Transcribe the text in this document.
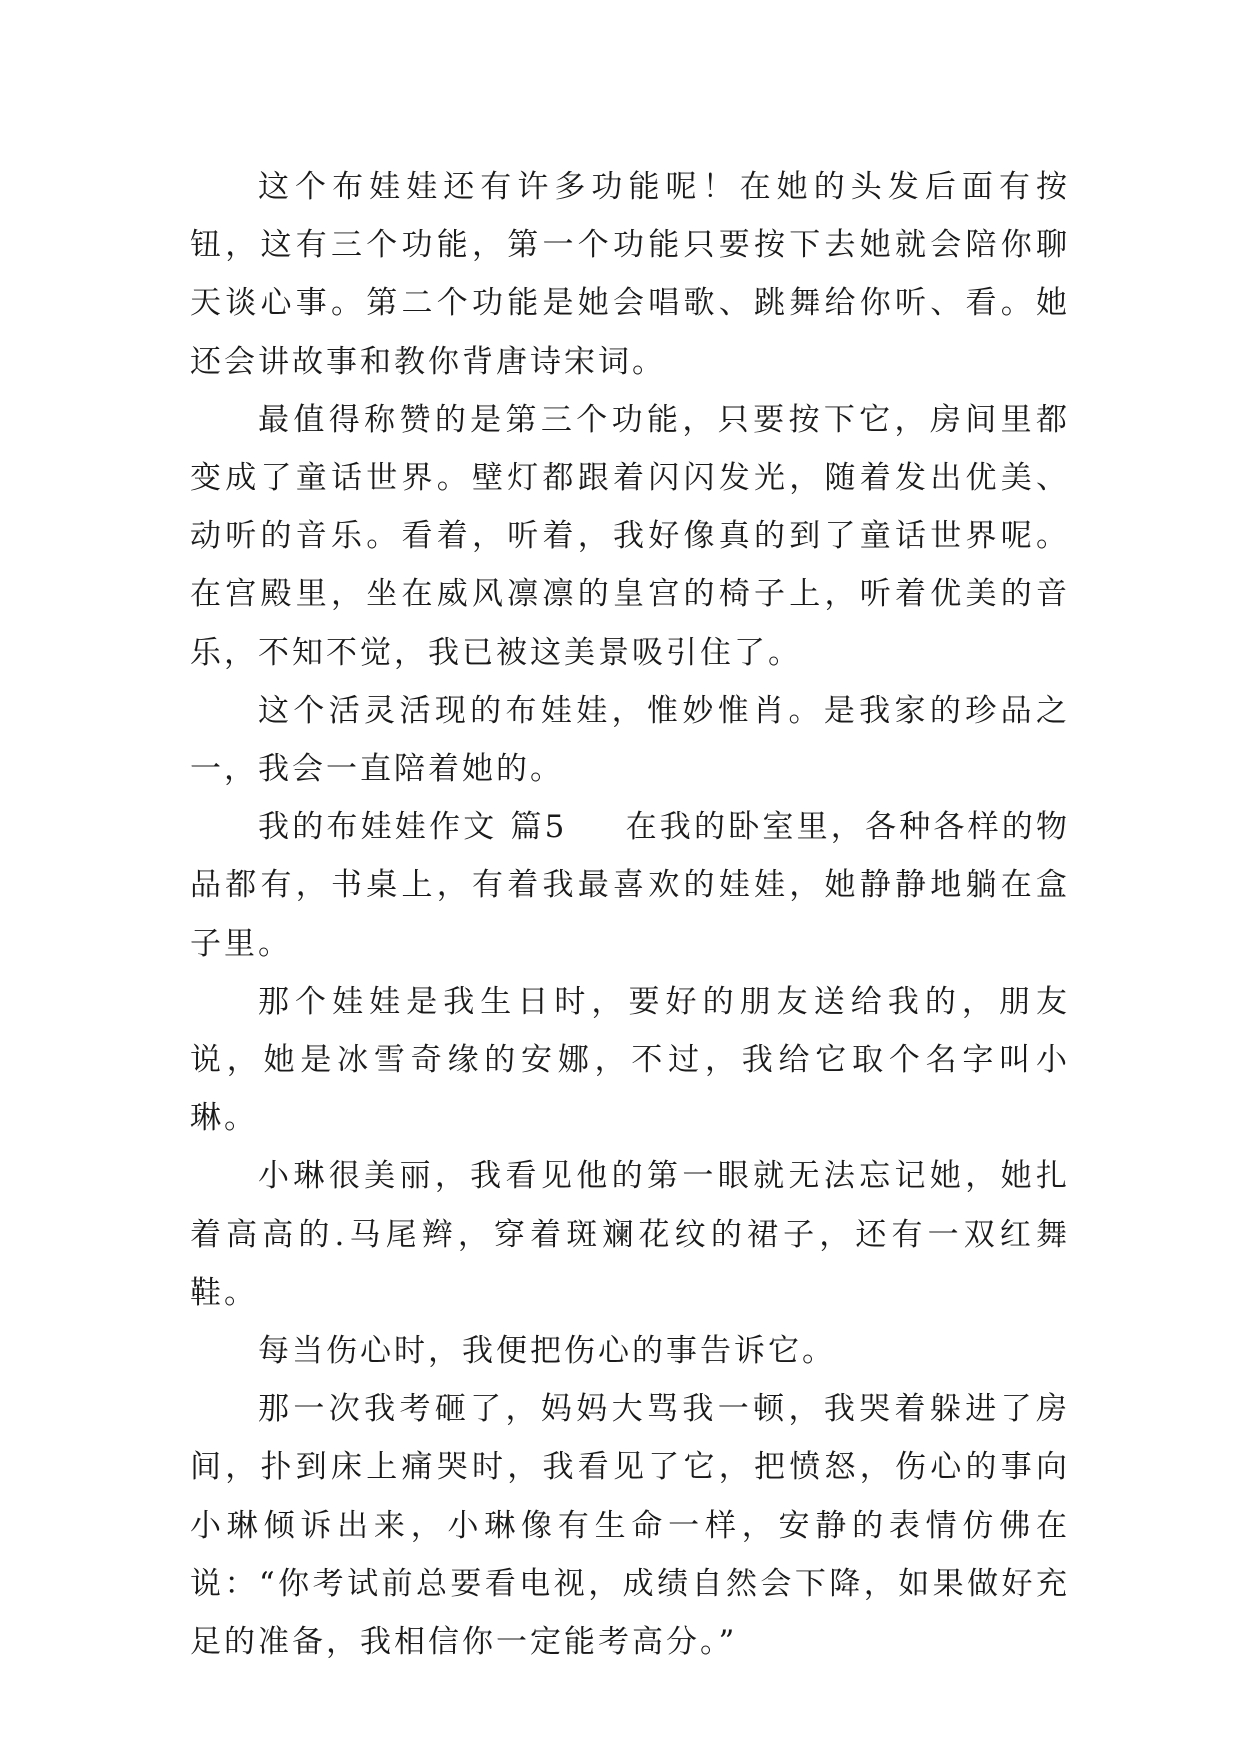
这个布娃娃还有许多功能呢！在她的头发后面有按钮，这有三个功能，第一个功能只要按下去她就会陪你聊天谈心事。第二个功能是她会唱歌、跳舞给你听、看。她还会讲故事和教你背唐诗宋词。

最值得称赞的是第三个功能，只要按下它，房间里都变成了童话世界。壁灯都跟着闪闪发光，随着发出优美、动听的音乐。看着，听着，我好像真的到了童话世界呢。在宫殿里，坐在威风凛凛的皇宫的椅子上，听着优美的音乐，不知不觉，我已被这美景吸引住了。

这个活灵活现的布娃娃，惟妙惟肖。是我家的珍品之一，我会一直陪着她的。

我的布娃娃作文 篇5 在我的卧室里，各种各样的物品都有，书桌上，有着我最喜欢的娃娃，她静静地躺在盒子里。

那个娃娃是我生日时，要好的朋友送给我的，朋友说，她是冰雪奇缘的安娜，不过，我给它取个名字叫小琳。

小琳很美丽，我看见他的第一眼就无法忘记她，她扎着高高的.马尾辫，穿着斑斓花纹的裙子，还有一双红舞鞋。

每当伤心时，我便把伤心的事告诉它。

那一次我考砸了，妈妈大骂我一顿，我哭着躲进了房间，扑到床上痛哭时，我看见了它，把愤怒，伤心的事向小琳倾诉出来，小琳像有生命一样，安静的表情仿佛在说：“你考试前总要看电视，成绩自然会下降，如果做好充足的准备，我相信你一定能考高分。”
